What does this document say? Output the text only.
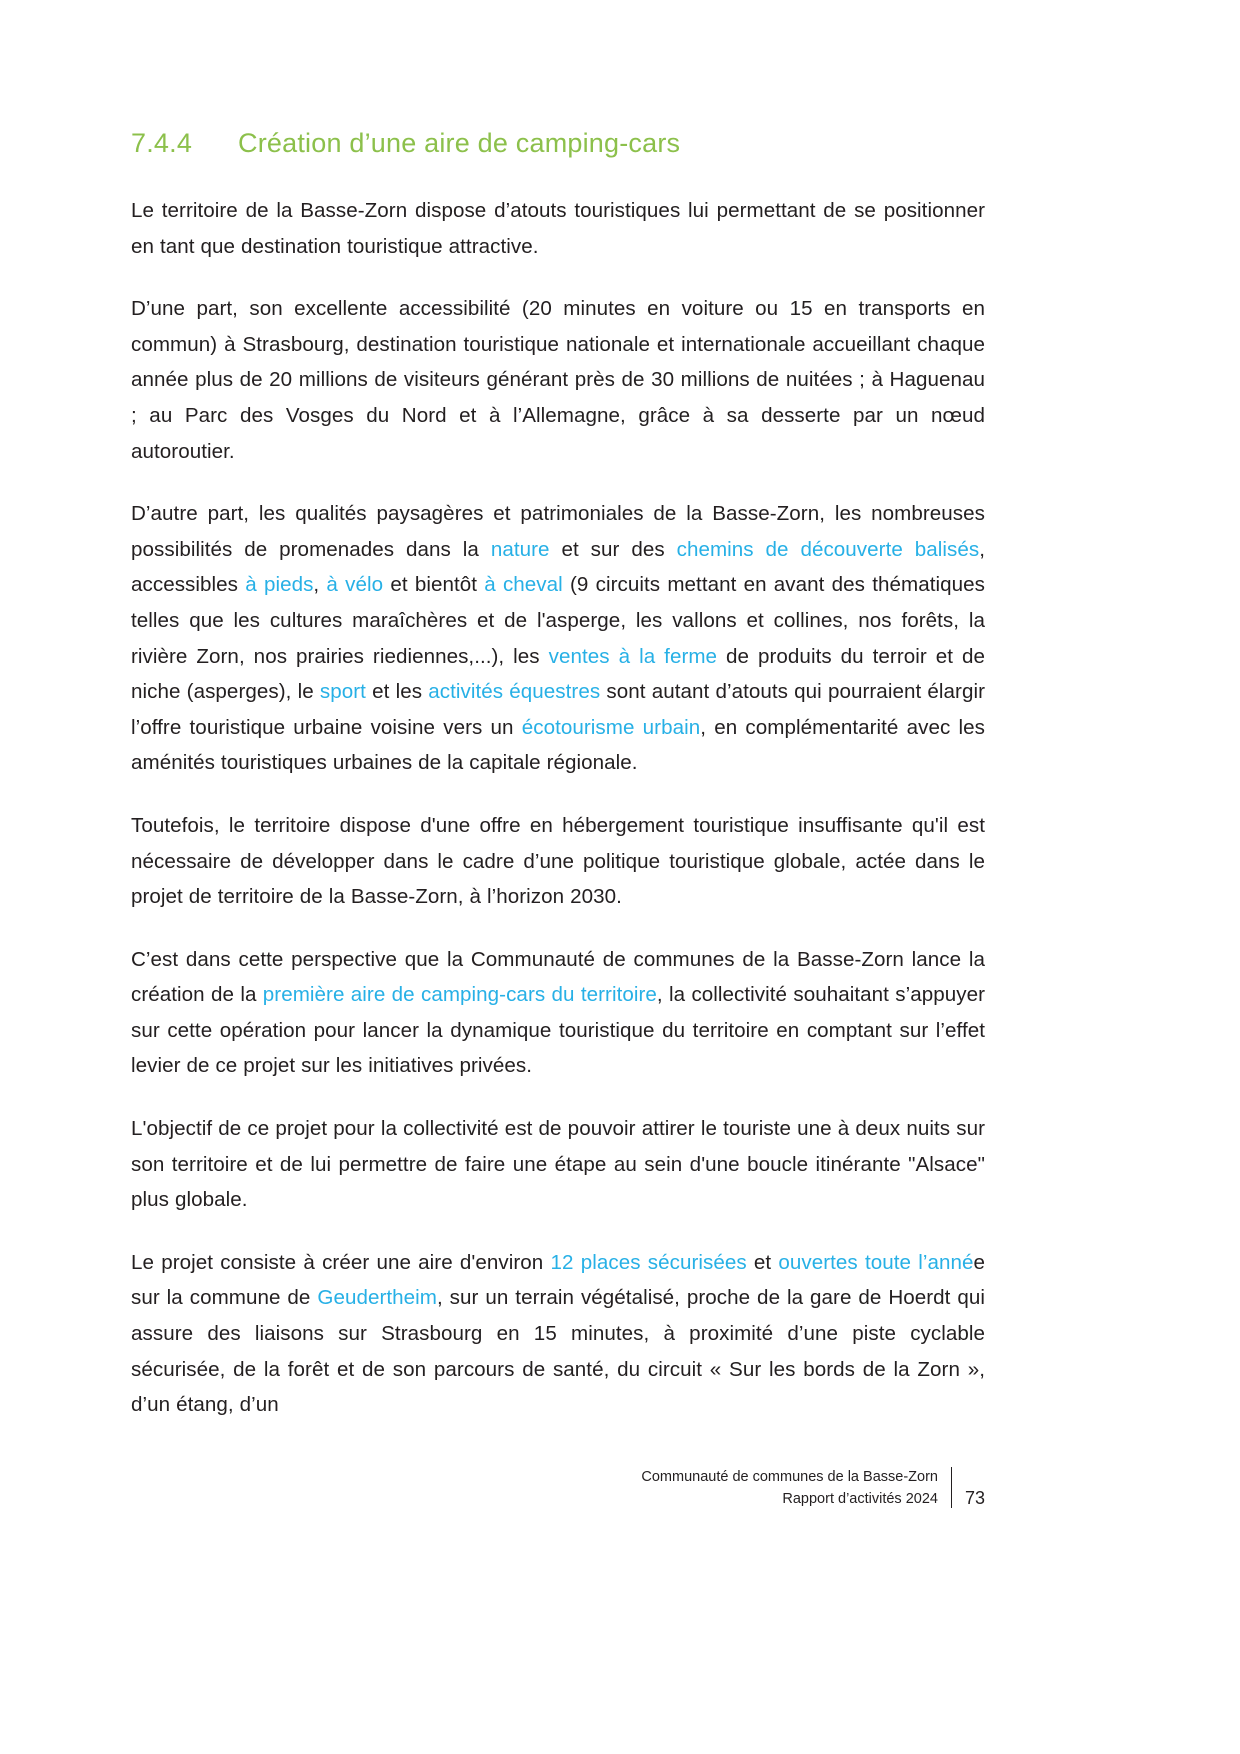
7.4.4	Création d’une aire de camping-cars

Le territoire de la Basse-Zorn dispose d’atouts touristiques lui permettant de se positionner en tant que destination touristique attractive.

D’une part, son excellente accessibilité (20 minutes en voiture ou 15 en transports en commun) à Strasbourg, destination touristique nationale et internationale accueillant chaque année plus de 20 millions de visiteurs générant près de 30 millions de nuitées ; à Haguenau ; au Parc des Vosges du Nord et à l’Allemagne, grâce à sa desserte par un nœud autoroutier.

D’autre part, les qualités paysagères et patrimoniales de la Basse-Zorn, les nombreuses possibilités de promenades dans la nature et sur des chemins de découverte balisés, accessibles à pieds, à vélo et bientôt à cheval (9 circuits mettant en avant des thématiques telles que les cultures maraîchères et de l'asperge, les vallons et collines, nos forêts, la rivière Zorn, nos prairies riediennes,...), les ventes à la ferme de produits du terroir et de niche (asperges), le sport et les activités équestres sont autant d’atouts qui pourraient élargir l’offre touristique urbaine voisine vers un écotourisme urbain, en complémentarité avec les aménités touristiques urbaines de la capitale régionale.

Toutefois, le territoire dispose d'une offre en hébergement touristique insuffisante qu'il est nécessaire de développer dans le cadre d’une politique touristique globale, actée dans le projet de territoire de la Basse-Zorn, à l’horizon 2030.

C’est dans cette perspective que la Communauté de communes de la Basse-Zorn lance la création de la première aire de camping-cars du territoire, la collectivité souhaitant s’appuyer sur cette opération pour lancer la dynamique touristique du territoire en comptant sur l’effet levier de ce projet sur les initiatives privées.

L'objectif de ce projet pour la collectivité est de pouvoir attirer le touriste une à deux nuits sur son territoire et de lui permettre de faire une étape au sein d'une boucle itinérante "Alsace" plus globale.

Le projet consiste à créer une aire d'environ 12 places sécurisées et ouvertes toute l’année sur la commune de Geudertheim, sur un terrain végétalisé, proche de la gare de Hoerdt qui assure des liaisons sur Strasbourg en 15 minutes, à proximité d’une piste cyclable sécurisée, de la forêt et de son parcours de santé, du circuit « Sur les bords de la Zorn », d’un étang, d’un

Communauté de communes de la Basse-Zorn
Rapport d’activités 2024	73
